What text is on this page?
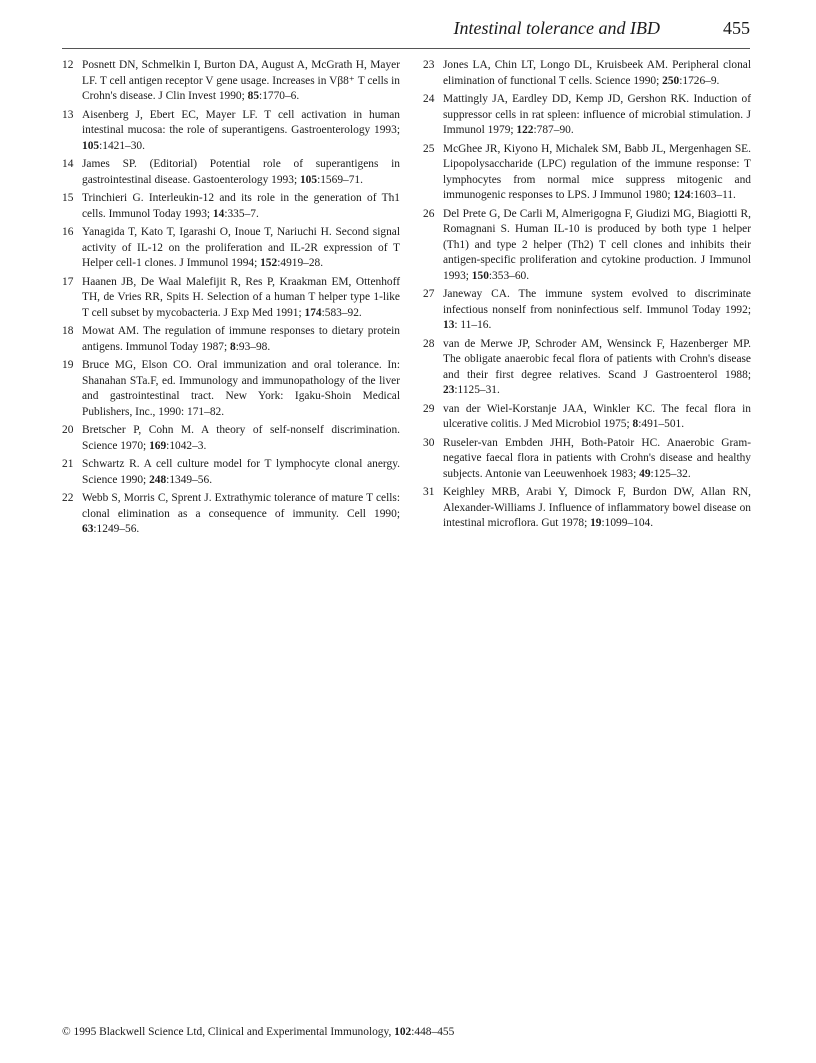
Intestinal tolerance and IBD	455
12 Posnett DN, Schmelkin I, Burton DA, August A, McGrath H, Mayer LF. T cell antigen receptor V gene usage. Increases in Vβ8⁺ T cells in Crohn's disease. J Clin Invest 1990; 85:1770–6.
13 Aisenberg J, Ebert EC, Mayer LF. T cell activation in human intestinal mucosa: the role of superantigens. Gastroenterology 1993; 105:1421–30.
14 James SP. (Editorial) Potential role of superantigens in gastrointestinal disease. Gastoenterology 1993; 105:1569–71.
15 Trinchieri G. Interleukin-12 and its role in the generation of Th1 cells. Immunol Today 1993; 14:335–7.
16 Yanagida T, Kato T, Igarashi O, Inoue T, Nariuchi H. Second signal activity of IL-12 on the proliferation and IL-2R expression of T Helper cell-1 clones. J Immunol 1994; 152:4919–28.
17 Haanen JB, De Waal Malefijit R, Res P, Kraakman EM, Ottenhoff TH, de Vries RR, Spits H. Selection of a human T helper type 1-like T cell subset by mycobacteria. J Exp Med 1991; 174:583–92.
18 Mowat AM. The regulation of immune responses to dietary protein antigens. Immunol Today 1987; 8:93–98.
19 Bruce MG, Elson CO. Oral immunization and oral tolerance. In: Shanahan STa.F, ed. Immunology and immunopathology of the liver and gastrointestinal tract. New York: Igaku-Shoin Medical Publishers, Inc., 1990: 171–82.
20 Bretscher P, Cohn M. A theory of self-nonself discrimination. Science 1970; 169:1042–3.
21 Schwartz R. A cell culture model for T lymphocyte clonal anergy. Science 1990; 248:1349–56.
22 Webb S, Morris C, Sprent J. Extrathymic tolerance of mature T cells: clonal elimination as a consequence of immunity. Cell 1990; 63:1249–56.
23 Jones LA, Chin LT, Longo DL, Kruisbeek AM. Peripheral clonal elimination of functional T cells. Science 1990; 250:1726–9.
24 Mattingly JA, Eardley DD, Kemp JD, Gershon RK. Induction of suppressor cells in rat spleen: influence of microbial stimulation. J Immunol 1979; 122:787–90.
25 McGhee JR, Kiyono H, Michalek SM, Babb JL, Mergenhagen SE. Lipopolysaccharide (LPC) regulation of the immune response: T lymphocytes from normal mice suppress mitogenic and immunogenic responses to LPS. J Immunol 1980; 124:1603–11.
26 Del Prete G, De Carli M, Almerigogna F, Giudizi MG, Biagiotti R, Romagnani S. Human IL-10 is produced by both type 1 helper (Th1) and type 2 helper (Th2) T cell clones and inhibits their antigen-specific proliferation and cytokine production. J Immunol 1993; 150:353–60.
27 Janeway CA. The immune system evolved to discriminate infectious nonself from noninfectious self. Immunol Today 1992; 13: 11–16.
28 van de Merwe JP, Schroder AM, Wensinck F, Hazenberger MP. The obligate anaerobic fecal flora of patients with Crohn's disease and their first degree relatives. Scand J Gastroenterol 1988; 23:1125–31.
29 van der Wiel-Korstanje JAA, Winkler KC. The fecal flora in ulcerative colitis. J Med Microbiol 1975; 8:491–501.
30 Ruseler-van Embden JHH, Both-Patoir HC. Anaerobic Gram-negative faecal flora in patients with Crohn's disease and healthy subjects. Antonie van Leeuwenhoek 1983; 49:125–32.
31 Keighley MRB, Arabi Y, Dimock F, Burdon DW, Allan RN, Alexander-Williams J. Influence of inflammatory bowel disease on intestinal microflora. Gut 1978; 19:1099–104.
© 1995 Blackwell Science Ltd, Clinical and Experimental Immunology, 102:448–455
